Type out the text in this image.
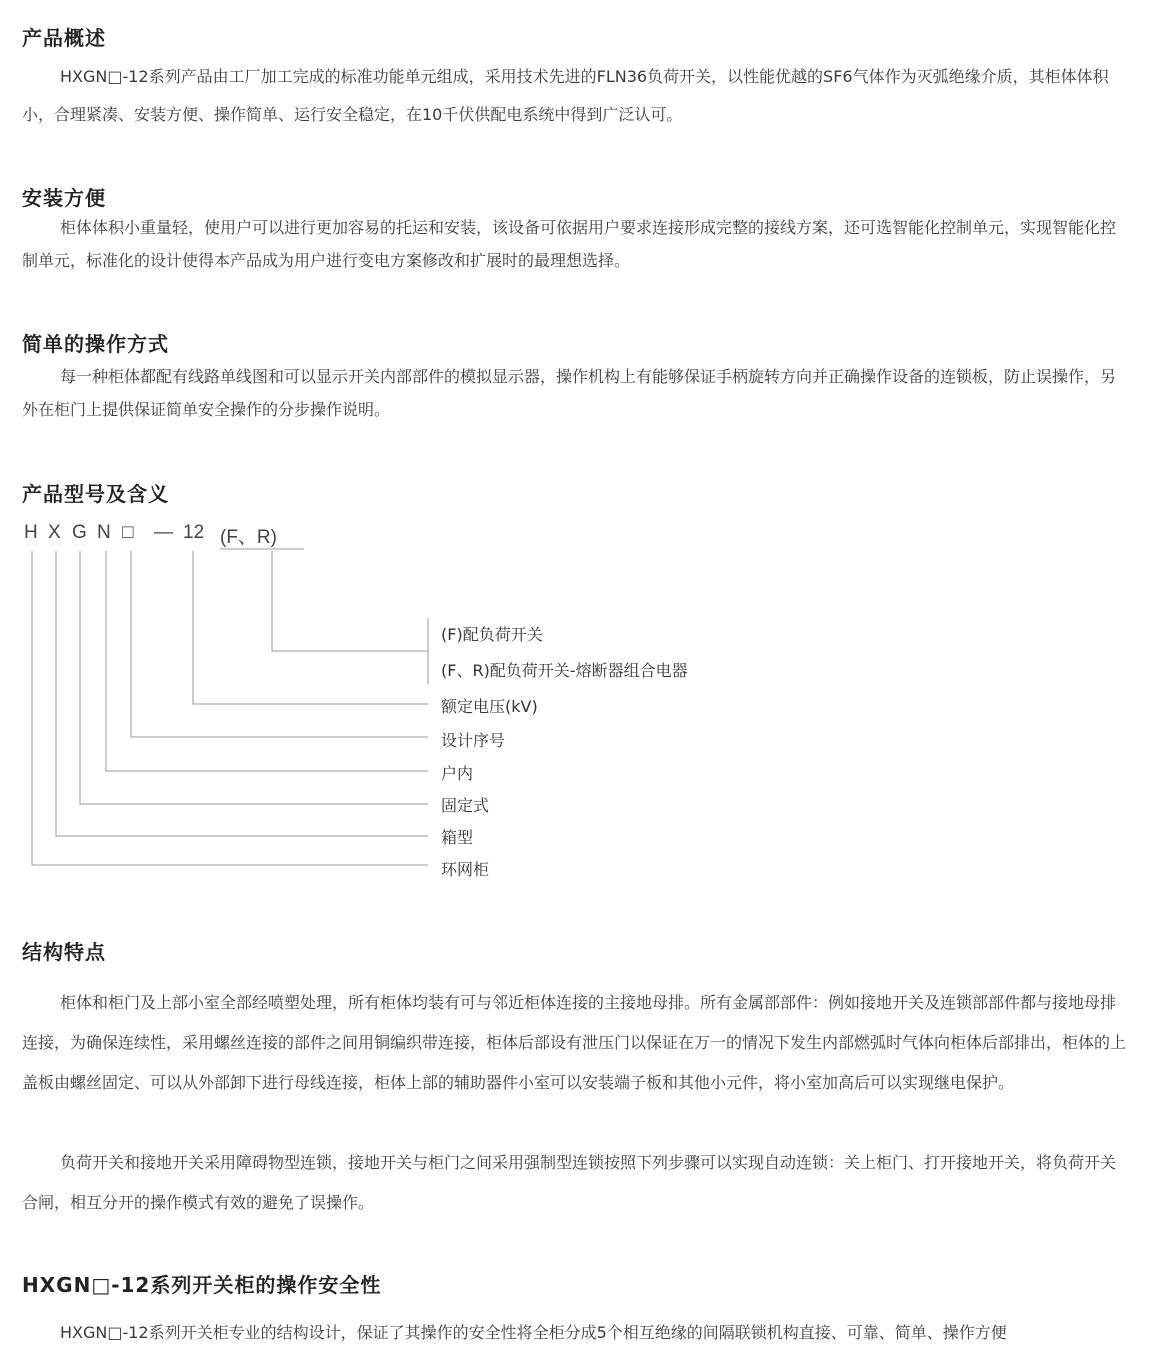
产品概述

HXGN□-12系列产品由工厂加工完成的标准功能单元组成，采用技术先进的FLN36负荷开关，以性能优越的SF6气体作为灭弧绝缘介质，其柜体体积小，合理紧凑、安装方便、操作简单、运行安全稳定，在10千伏供配电系统中得到广泛认可。

安装方便

柜体体积小重量轻，使用户可以进行更加容易的托运和安装，该设备可依据用户要求连接形成完整的接线方案，还可选智能化控制单元，实现智能化控制单元，标准化的设计使得本产品成为用户进行变电方案修改和扩展时的最理想选择。

简单的操作方式

每一种柜体都配有线路单线图和可以显示开关内部部件的模拟显示器，操作机构上有能够保证手柄旋转方向并正确操作设备的连锁板，防止误操作，另外在柜门上提供保证简单安全操作的分步操作说明。

产品型号及含义
H X G N □ — 12 (F、R)
(F)配负荷开关
(F、R)配负荷开关-熔断器组合电器
额定电压(kV)
设计序号
户内
固定式
箱型
环网柜
结构特点

柜体和柜门及上部小室全部经喷塑处理，所有柜体均装有可与邻近柜体连接的主接地母排。所有金属部部件：例如接地开关及连锁部部件都与接地母排连接，为确保连续性，采用螺丝连接的部件之间用铜编织带连接，柜体后部设有泄压门以保证在万一的情况下发生内部燃弧时气体向柜体后部排出，柜体的上盖板由螺丝固定、可以从外部卸下进行母线连接，柜体上部的辅助器件小室可以安装端子板和其他小元件，将小室加高后可以实现继电保护。

负荷开关和接地开关采用障碍物型连锁，接地开关与柜门之间采用强制型连锁按照下列步骤可以实现自动连锁：关上柜门、打开接地开关，将负荷开关合闸，相互分开的操作模式有效的避免了误操作。

HXGN□-12系列开关柜的操作安全性

HXGN□-12系列开关柜专业的结构设计，保证了其操作的安全性将全柜分成5个相互绝缘的间隔联锁机构直接、可靠、简单、操作方便
